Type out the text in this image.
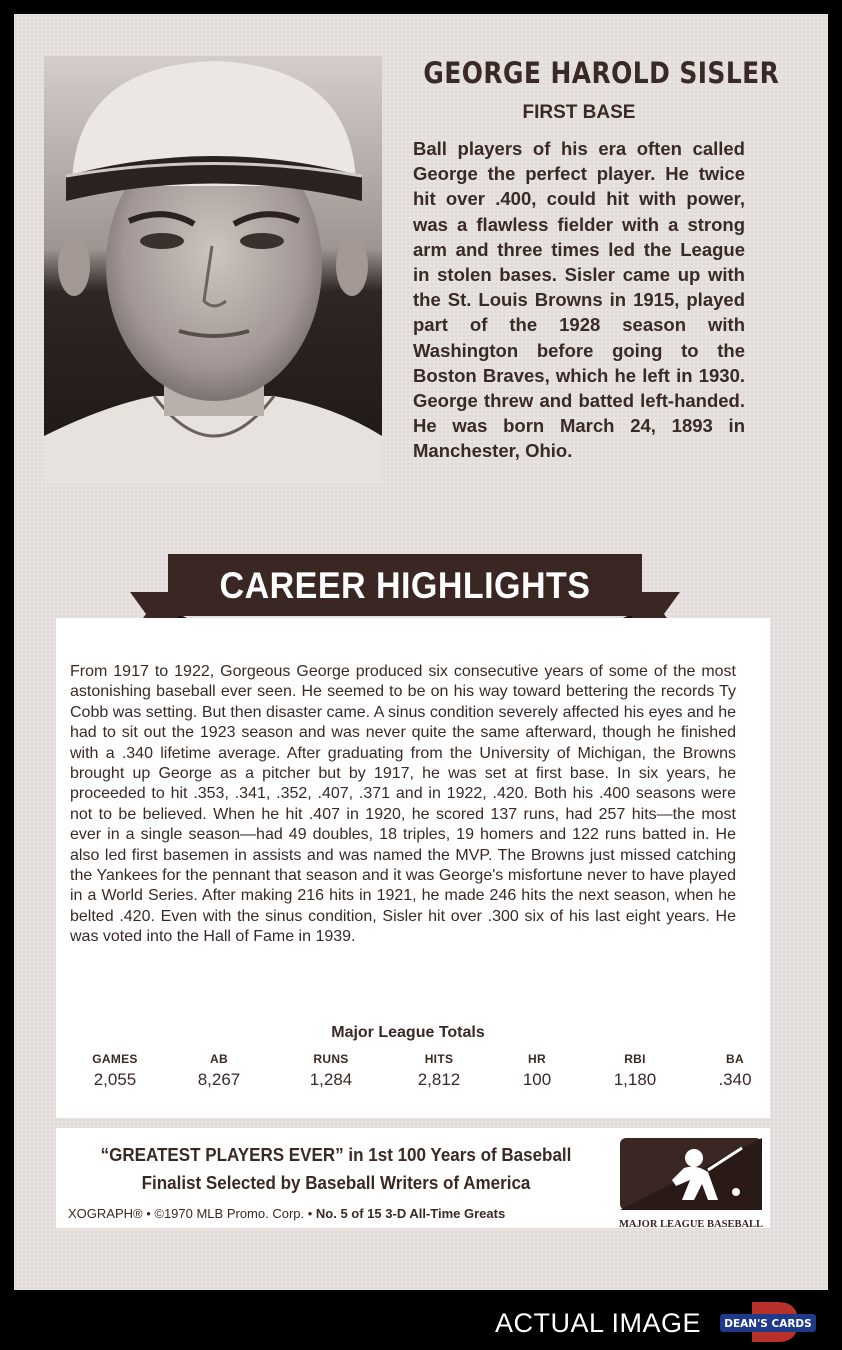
GEORGE HAROLD SISLER
FIRST BASE
Ball players of his era often called George the perfect player. He twice hit over .400, could hit with power, was a flawless fielder with a strong arm and three times led the League in stolen bases. Sisler came up with the St. Louis Browns in 1915, played part of the 1928 season with Washington before going to the Boston Braves, which he left in 1930. George threw and batted left-handed. He was born March 24, 1893 in Manchester, Ohio.
CAREER HIGHLIGHTS
From 1917 to 1922, Gorgeous George produced six consecutive years of some of the most astonishing baseball ever seen. He seemed to be on his way toward bettering the records Ty Cobb was setting. But then disaster came. A sinus condition severely affected his eyes and he had to sit out the 1923 season and was never quite the same afterward, though he finished with a .340 lifetime average. After graduating from the University of Michigan, the Browns brought up George as a pitcher but by 1917, he was set at first base. In six years, he proceeded to hit .353, .341, .352, .407, .371 and in 1922, .420. Both his .400 seasons were not to be believed. When he hit .407 in 1920, he scored 137 runs, had 257 hits—the most ever in a single season—had 49 doubles, 18 triples, 19 homers and 122 runs batted in. He also led first basemen in assists and was named the MVP. The Browns just missed catching the Yankees for the pennant that season and it was George's misfortune never to have played in a World Series. After making 216 hits in 1921, he made 246 hits the next season, when he belted .420. Even with the sinus condition, Sisler hit over .300 six of his last eight years. He was voted into the Hall of Fame in 1939.
Major League Totals
GAMES
2,055
AB
8,267
RUNS
1,284
HITS
2,812
HR
100
RBI
1,180
BA
.340
“GREATEST PLAYERS EVER” in 1st 100 Years of Baseball
Finalist Selected by Baseball Writers of America
XOGRAPH® • ©1970 MLB Promo. Corp. • No. 5 of 15 3-D All-Time Greats
MAJOR LEAGUE BASEBALL
ACTUAL IMAGE DEAN'S CARDS
